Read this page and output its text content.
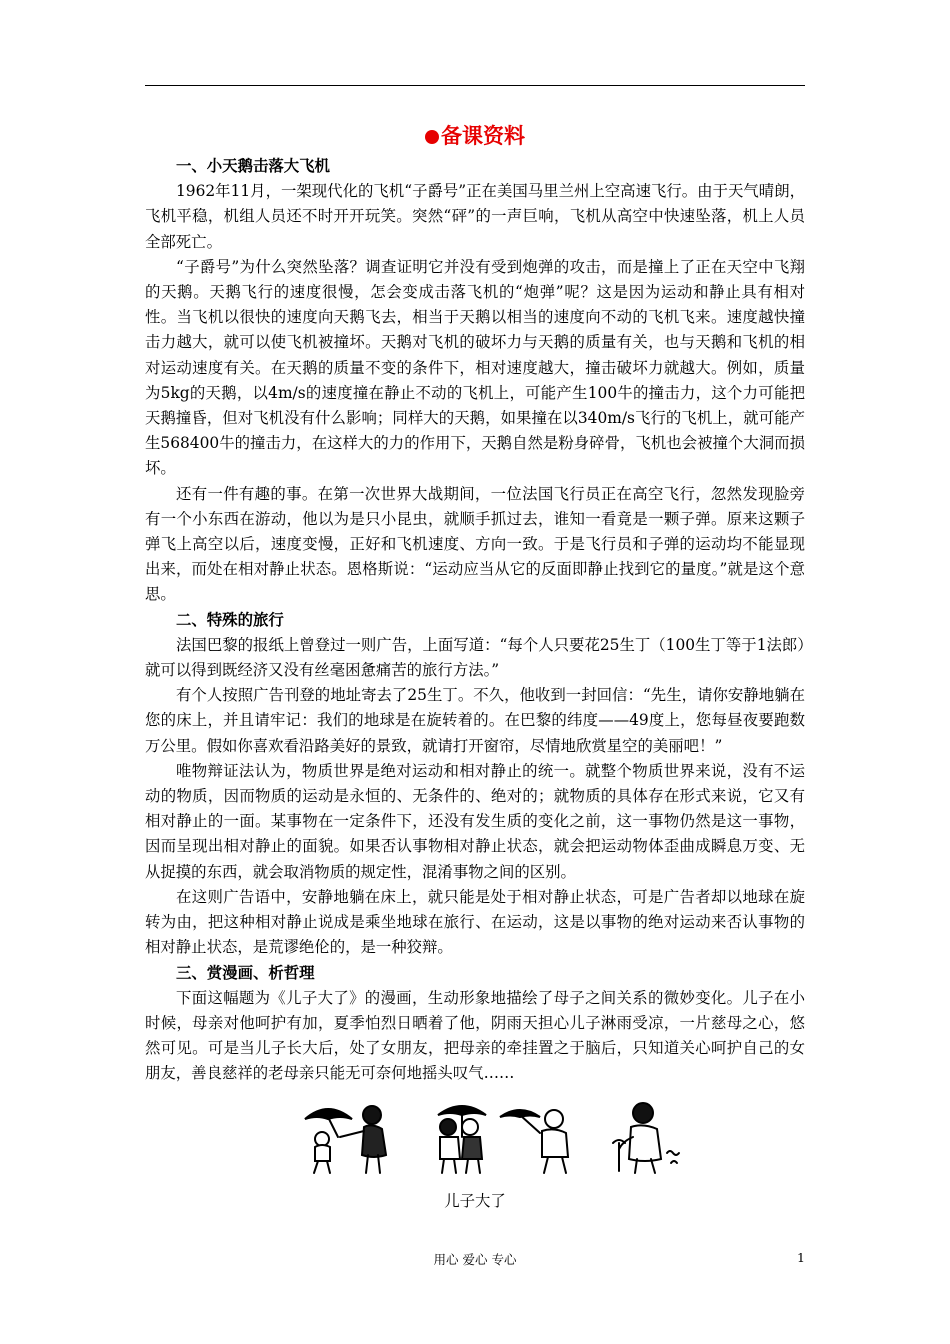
备课资料
一、小天鹅击落大飞机

1962年11月，一架现代化的飞机“子爵号”正在美国马里兰州上空高速飞行。由于天气晴朗，飞机平稳，机组人员还不时开开玩笑。突然“砰”的一声巨响，飞机从高空中快速坠落，机上人员全部死亡。

“子爵号”为什么突然坠落？调查证明它并没有受到炮弹的攻击，而是撞上了正在天空中飞翔的天鹅。天鹅飞行的速度很慢，怎会变成击落飞机的“炮弹”呢？这是因为运动和静止具有相对性。当飞机以很快的速度向天鹅飞去，相当于天鹅以相当的速度向不动的飞机飞来。速度越快撞击力越大，就可以使飞机被撞坏。天鹅对飞机的破坏力与天鹅的质量有关，也与天鹅和飞机的相对运动速度有关。在天鹅的质量不变的条件下，相对速度越大，撞击破坏力就越大。例如，质量为5kg的天鹅，以4m/s的速度撞在静止不动的飞机上，可能产生100牛的撞击力，这个力可能把天鹅撞昏，但对飞机没有什么影响；同样大的天鹅，如果撞在以340m/s飞行的飞机上，就可能产生568400牛的撞击力，在这样大的力的作用下，天鹅自然是粉身碎骨，飞机也会被撞个大洞而损坏。

还有一件有趣的事。在第一次世界大战期间，一位法国飞行员正在高空飞行，忽然发现脸旁有一个小东西在游动，他以为是只小昆虫，就顺手抓过去，谁知一看竟是一颗子弹。原来这颗子弹飞上高空以后，速度变慢，正好和飞机速度、方向一致。于是飞行员和子弹的运动均不能显现出来，而处在相对静止状态。恩格斯说：“运动应当从它的反面即静止找到它的量度。”就是这个意思。

二、特殊的旅行

法国巴黎的报纸上曾登过一则广告，上面写道：“每个人只要花25生丁（100生丁等于1法郎）就可以得到既经济又没有丝毫困惫痛苦的旅行方法。”

有个人按照广告刊登的地址寄去了25生丁。不久，他收到一封回信：“先生，请你安静地躺在您的床上，并且请牢记：我们的地球是在旋转着的。在巴黎的纬度——49度上，您每昼夜要跑数万公里。假如你喜欢看沿路美好的景致，就请打开窗帘，尽情地欣赏星空的美丽吧！”

唯物辩证法认为，物质世界是绝对运动和相对静止的统一。就整个物质世界来说，没有不运动的物质，因而物质的运动是永恒的、无条件的、绝对的；就物质的具体存在形式来说，它又有相对静止的一面。某事物在一定条件下，还没有发生质的变化之前，这一事物仍然是这一事物，因而呈现出相对静止的面貌。如果否认事物相对静止状态，就会把运动物体歪曲成瞬息万变、无从捉摸的东西，就会取消物质的规定性，混淆事物之间的区别。

在这则广告语中，安静地躺在床上，就只能是处于相对静止状态，可是广告者却以地球在旋转为由，把这种相对静止说成是乘坐地球在旅行、在运动，这是以事物的绝对运动来否认事物的相对静止状态，是荒谬绝伦的，是一种狡辩。

三、赏漫画、析哲理

下面这幅题为《儿子大了》的漫画，生动形象地描绘了母子之间关系的微妙变化。儿子在小时候，母亲对他呵护有加，夏季怕烈日晒着了他，阴雨天担心儿子淋雨受凉，一片慈母之心，悠然可见。可是当儿子长大后，处了女朋友，把母亲的牵挂置之于脑后，只知道关心呵护自己的女朋友，善良慈祥的老母亲只能无可奈何地摇头叹气……

儿子大了
用心 爱心 专心	1
